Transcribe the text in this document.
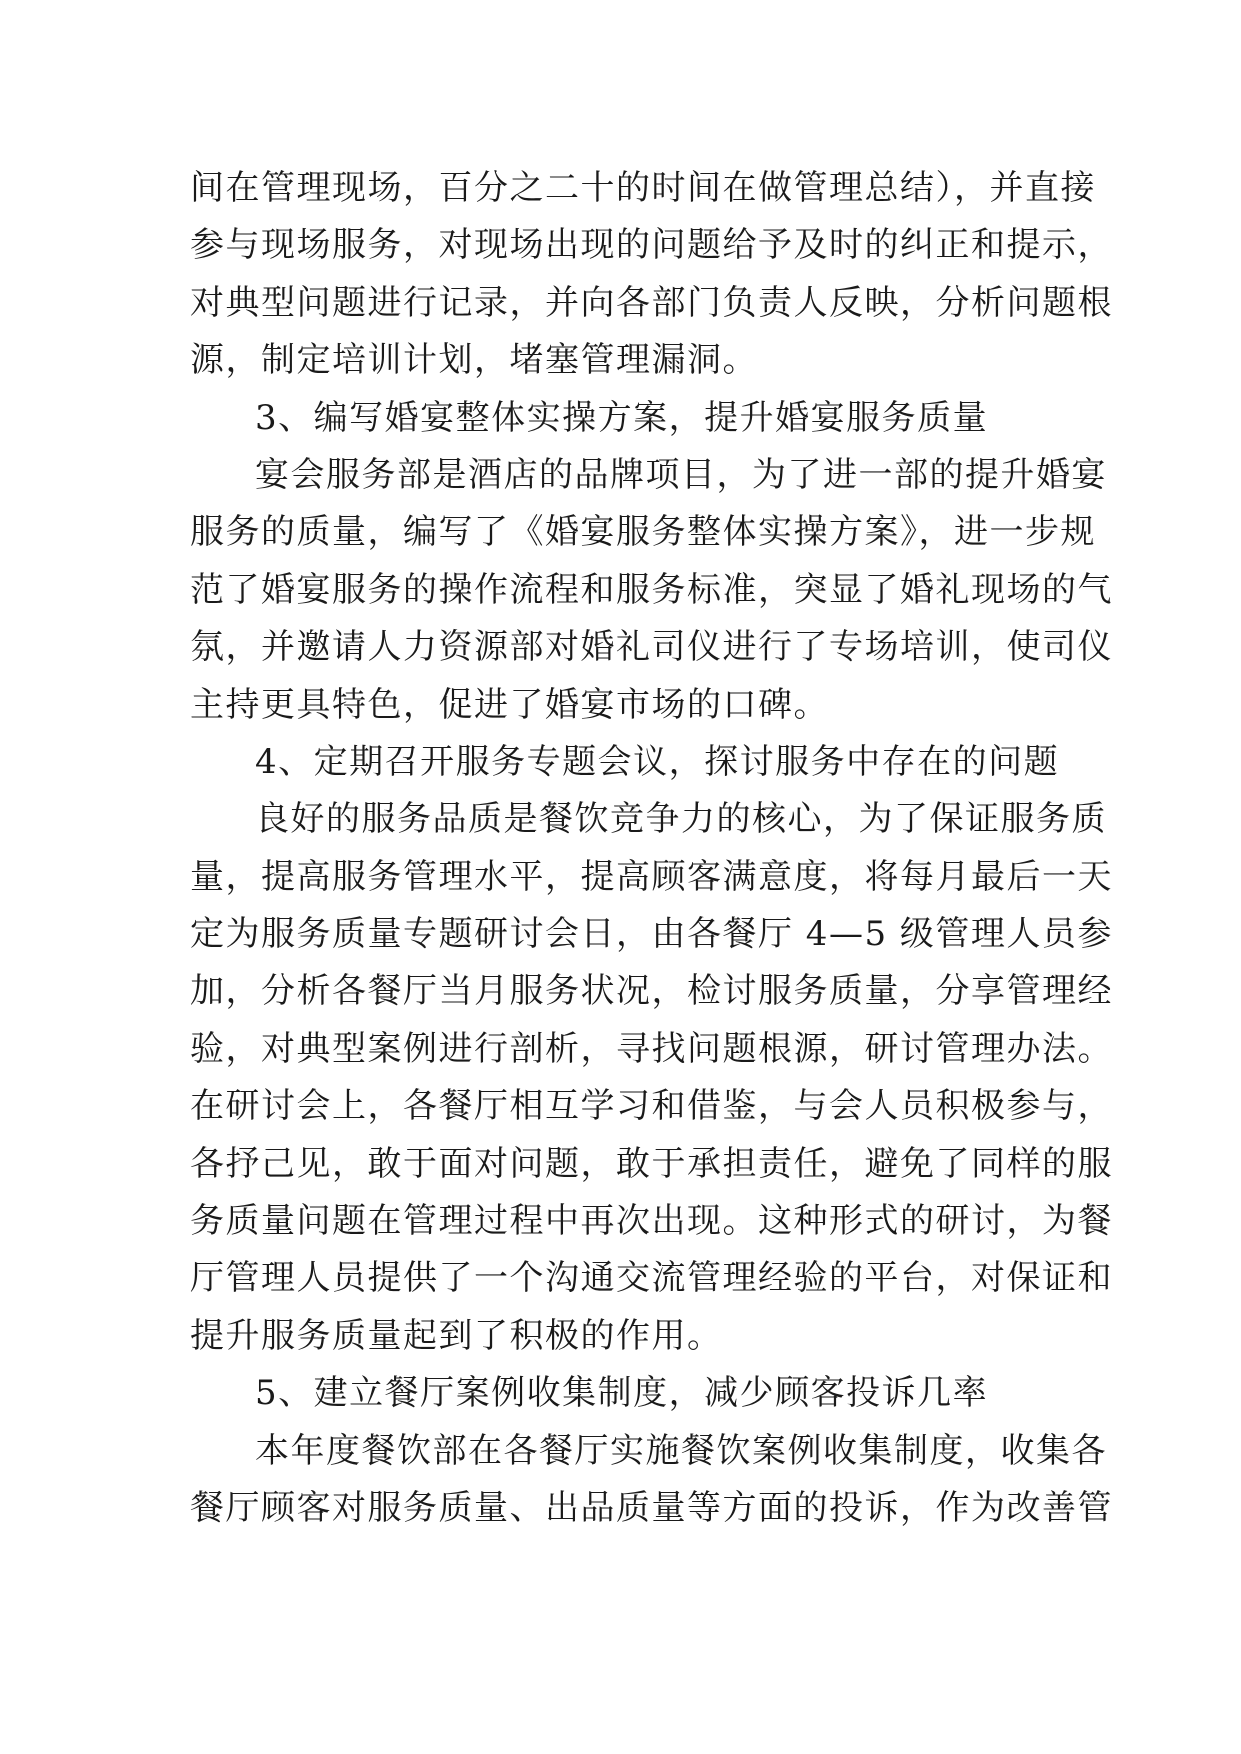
间在管理现场，百分之二十的时间在做管理总结），并直接
参与现场服务，对现场出现的问题给予及时的纠正和提示，
对典型问题进行记录，并向各部门负责人反映，分析问题根
源，制定培训计划，堵塞管理漏洞。
3、编写婚宴整体实操方案，提升婚宴服务质量
宴会服务部是酒店的品牌项目，为了进一部的提升婚宴
服务的质量，编写了《婚宴服务整体实操方案》，进一步规
范了婚宴服务的操作流程和服务标准，突显了婚礼现场的气
氛，并邀请人力资源部对婚礼司仪进行了专场培训，使司仪
主持更具特色，促进了婚宴市场的口碑。
4、定期召开服务专题会议，探讨服务中存在的问题
良好的服务品质是餐饮竞争力的核心，为了保证服务质
量，提高服务管理水平，提高顾客满意度，将每月最后一天
定为服务质量专题研讨会日，由各餐厅 4—5 级管理人员参
加，分析各餐厅当月服务状况，检讨服务质量，分享管理经
验，对典型案例进行剖析，寻找问题根源，研讨管理办法。
在研讨会上，各餐厅相互学习和借鉴，与会人员积极参与，
各抒己见，敢于面对问题，敢于承担责任，避免了同样的服
务质量问题在管理过程中再次出现。这种形式的研讨，为餐
厅管理人员提供了一个沟通交流管理经验的平台，对保证和
提升服务质量起到了积极的作用。
5、建立餐厅案例收集制度，减少顾客投诉几率
本年度餐饮部在各餐厅实施餐饮案例收集制度，收集各
餐厅顾客对服务质量、出品质量等方面的投诉，作为改善管
